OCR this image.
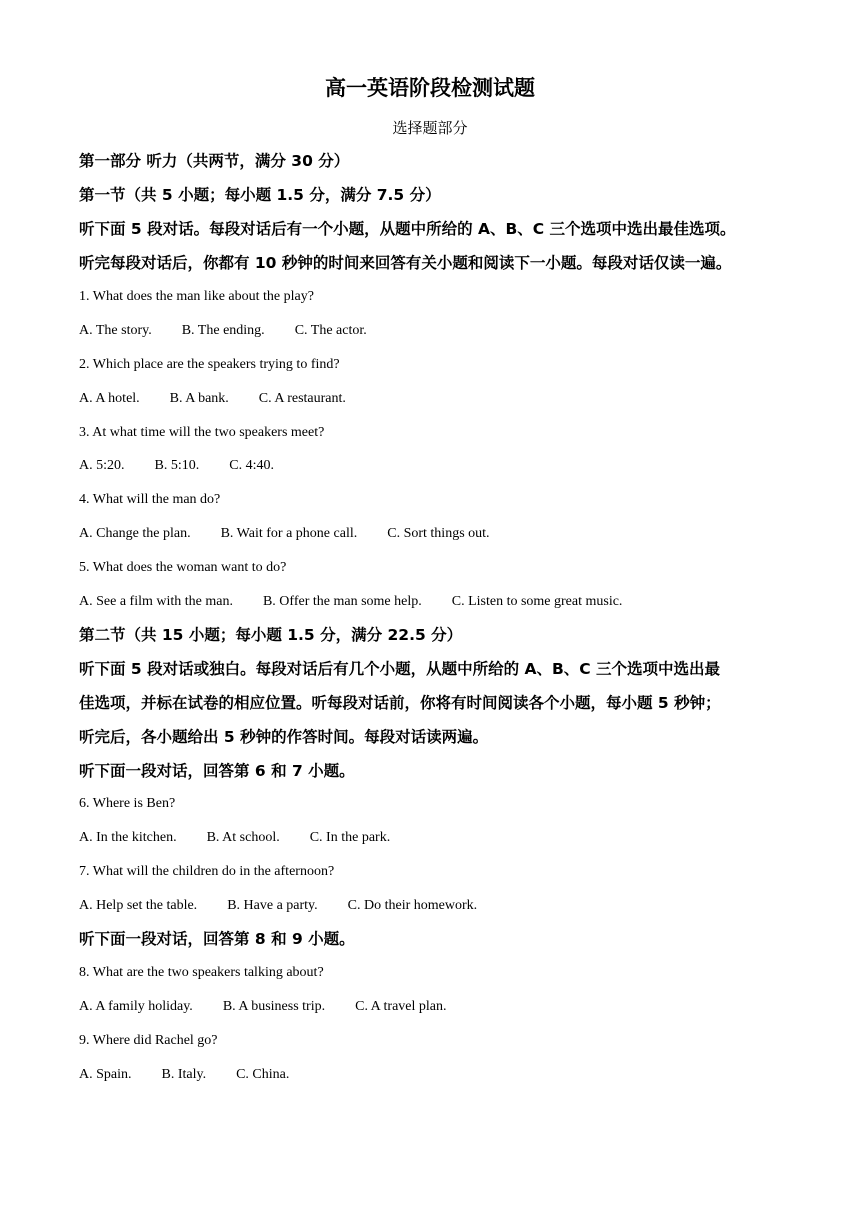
高一英语阶段检测试题
选择题部分
第一部分 听力（共两节，满分 30 分）
第一节（共 5 小题；每小题 1.5 分，满分 7.5 分）
听下面 5 段对话。每段对话后有一个小题，从题中所给的 A、B、C 三个选项中选出最佳选项。
听完每段对话后，你都有 10 秒钟的时间来回答有关小题和阅读下一小题。每段对话仅读一遍。
1. What does the man like about the play?
A. The story. B. The ending. C. The actor.
2. Which place are the speakers trying to find?
A. A hotel. B. A bank. C. A restaurant.
3. At what time will the two speakers meet?
A. 5:20. B. 5:10. C. 4:40.
4. What will the man do?
A. Change the plan. B. Wait for a phone call. C. Sort things out.
5. What does the woman want to do?
A. See a film with the man. B. Offer the man some help. C. Listen to some great music.
第二节（共 15 小题；每小题 1.5 分，满分 22.5 分）
听下面 5 段对话或独白。每段对话后有几个小题，从题中所给的 A、B、C 三个选项中选出最
佳选项，并标在试卷的相应位置。听每段对话前，你将有时间阅读各个小题，每小题 5 秒钟；
听完后，各小题给出 5 秒钟的作答时间。每段对话读两遍。
听下面一段对话，回答第 6 和 7 小题。
6. Where is Ben?
A. In the kitchen. B. At school. C. In the park.
7. What will the children do in the afternoon?
A. Help set the table. B. Have a party. C. Do their homework.
听下面一段对话，回答第 8 和 9 小题。
8. What are the two speakers talking about?
A. A family holiday. B. A business trip. C. A travel plan.
9. Where did Rachel go?
A. Spain. B. Italy. C. China.
